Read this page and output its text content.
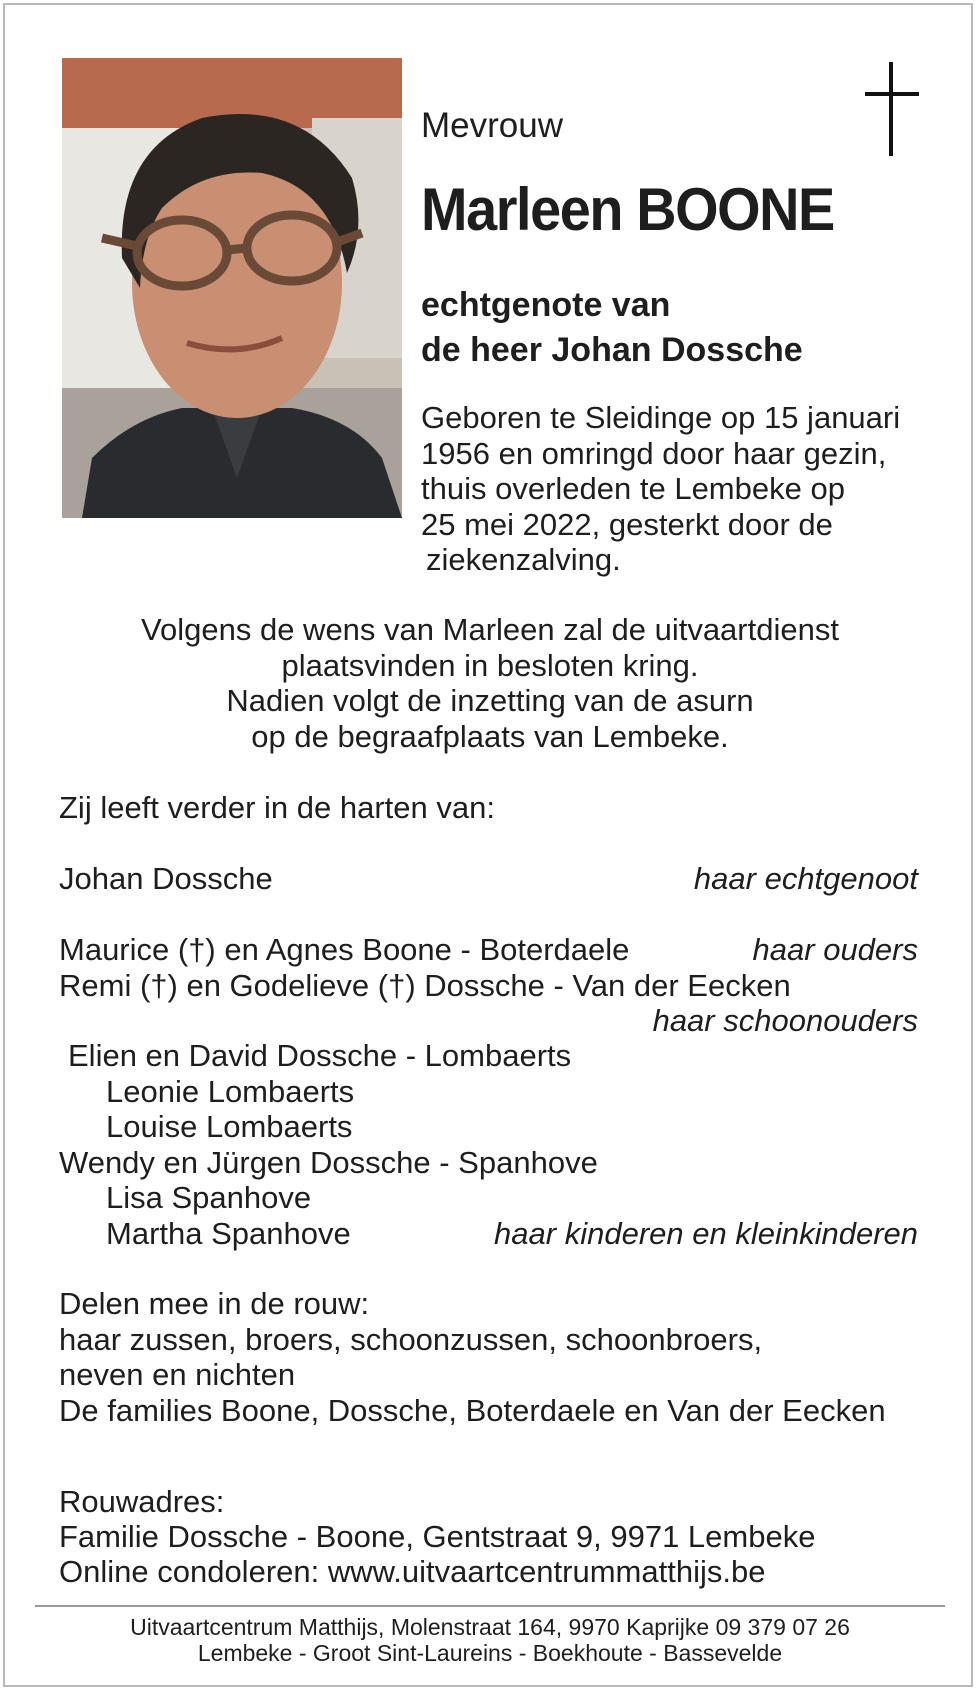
Mevrouw
Marleen BOONE
echtgenote van
de heer Johan Dossche
Geboren te Sleidinge op 15 januari
1956 en omringd door haar gezin,
thuis overleden te Lembeke op
25 mei 2022, gesterkt door de
ziekenzalving.
Volgens de wens van Marleen zal de uitvaartdienst
plaatsvinden in besloten kring.
Nadien volgt de inzetting van de asurn
op de begraafplaats van Lembeke.
Zij leeft verder in de harten van:
Johan Dossche	haar echtgenoot
Maurice (†) en Agnes Boone - Boterdaele	haar ouders
Remi (†) en Godelieve (†) Dossche - Van der Eecken
haar schoonouders
Elien en David Dossche - Lombaerts
Leonie Lombaerts
Louise Lombaerts
Wendy en Jürgen Dossche - Spanhove
Lisa Spanhove
Martha Spanhove	haar kinderen en kleinkinderen
Delen mee in de rouw:
haar zussen, broers, schoonzussen, schoonbroers,
neven en nichten
De families Boone, Dossche, Boterdaele en Van der Eecken
Rouwadres:
Familie Dossche - Boone, Gentstraat 9, 9971 Lembeke
Online condoleren: www.uitvaartcentrummatthijs.be
Uitvaartcentrum Matthijs, Molenstraat 164, 9970 Kaprijke 09 379 07 26
Lembeke - Groot Sint-Laureins - Boekhoute - Bassevelde
